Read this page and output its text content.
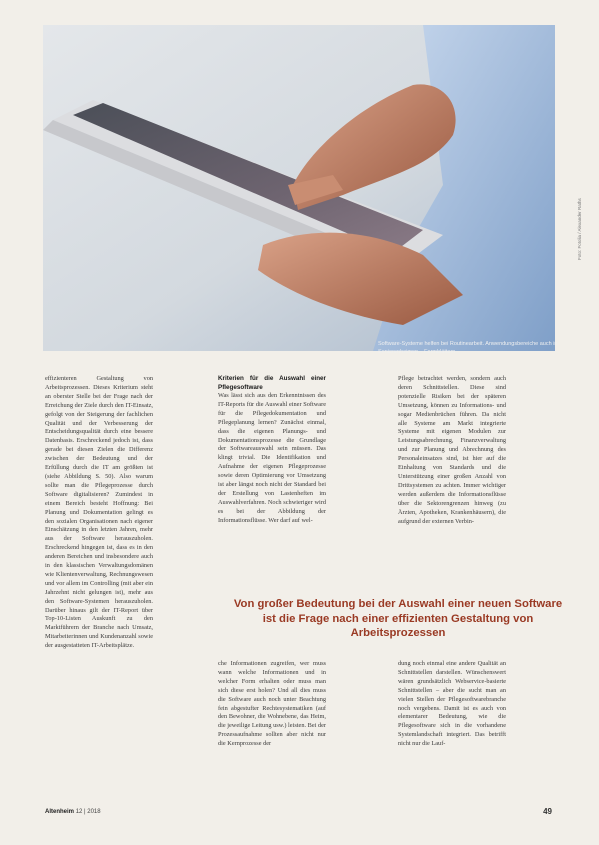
Software-Systeme helfen bei Routinearbeit. Anwendungsbereiche auch in Seniorenheimen – Formblättern
Foto: Fotolia / Alexander Raths

effizienteren Gestaltung von Arbeitsprozessen. Dieses Kriterium steht an oberster Stelle bei der Frage nach der Erreichung der Ziele durch den IT-Einsatz, gefolgt von der Steigerung der fachlichen Qualität und der Verbesserung der Entscheidungsqualität durch eine bessere Datenbasis. Erschreckend jedoch ist, dass gerade bei diesen Zielen die Differenz zwischen der Bedeutung und der Erfüllung durch die IT am größten ist (siehe Abbildung S. 50). Also warum sollte man die Pflegeprozesse durch Software digitalisieren? Zumindest in einem Bereich besteht Hoffnung: Bei Planung und Dokumentation gelingt es den sozialen Organisationen nach eigener Einschätzung in den letzten Jahren, mehr aus der Software herauszuholen. Erschreckend hingegen ist, dass es in den anderen Bereichen und insbesondere auch in den klassischen Verwaltungsdomänen wie Klientenverwaltung, Rechnungswesen und vor allem im Controlling (mit aber ein Jahrzehnt nicht gelungen ist), mehr aus den Software-Systemen herauszuholen. Darüber hinaus gilt der IT-Report über Top-10-Listen Auskunft zu den Marktführern der Branche nach Umsatz, Mitarbeiterinnen und Kundenanzahl sowie der ausgestatteten IT-Arbeitsplätze.

Kriterien für die Auswahl einer Pflegesoftware

Was lässt sich aus den Erkenntnissen des IT-Reports für die Auswahl einer Software für die Pflegedokumentation und Pflegeplanung lernen? Zunächst einmal, dass die eigenen Planungs- und Dokumentationsprozesse die Grundlage der Softwareauswahl sein müssen. Das klingt trivial. Die Identifikation und Aufnahme der eigenen Pflegeprozesse sowie deren Optimierung vor Umsetzung ist aber längst noch nicht der Standard bei der Erstellung von Lastenheften im Auswahlverfahren. Noch schwieriger wird es bei der Abbildung der Informationsflüsse. Wer darf auf wel-

Pflege betrachtet werden, sondern auch deren Schnittstellen. Diese sind potenzielle Risiken bei der späteren Umsetzung, können zu Informations- und sogar Medienbrüchen führen. Da nicht alle Systeme am Markt integrierte Systeme mit eigenen Modulen zur Leistungsabrechnung, Finanzverwaltung und zur Planung und Abrechnung des Personaleinsatzes sind, ist hier auf die Einhaltung von Standards und die Unterstützung einer großen Anzahl von Drittsystemen zu achten. Immer wichtiger werden außerdem die Informationsflüsse über die Sektorengrenzen hinweg (zu Ärzten, Apotheken, Krankenhäusern), die aufgrund der externen Verbin-

Von großer Bedeutung bei der Auswahl einer neuen Software ist die Frage nach einer effizienten Gestaltung von Arbeitsprozessen

che Informationen zugreifen, wer muss wann welche Informationen und in welcher Form erhalten oder muss man sich diese erst holen? Und all dies muss die Software auch noch unter Beachtung fein abgestufter Rechtesystematiken (auf den Bewohner, die Wohnebene, das Heim, die jeweilige Leitung usw.) leisten. Bei der Prozessaufnahme sollten aber nicht nur die Kernprozesse der

dung noch einmal eine andere Qualität an Schnittstellen darstellen. Wünschenswert wären grundsätzlich Webservice-basierte Schnittstellen – aber die sucht man an vielen Stellen der Pflegesoftwarebranche noch vergebens. Damit ist es auch von elementarer Bedeutung, wie die Pflegesoftware sich in die vorhandene Systemlandschaft integriert. Das betrifft nicht nur die Lauf-

Altenheim 12 | 2018	49
